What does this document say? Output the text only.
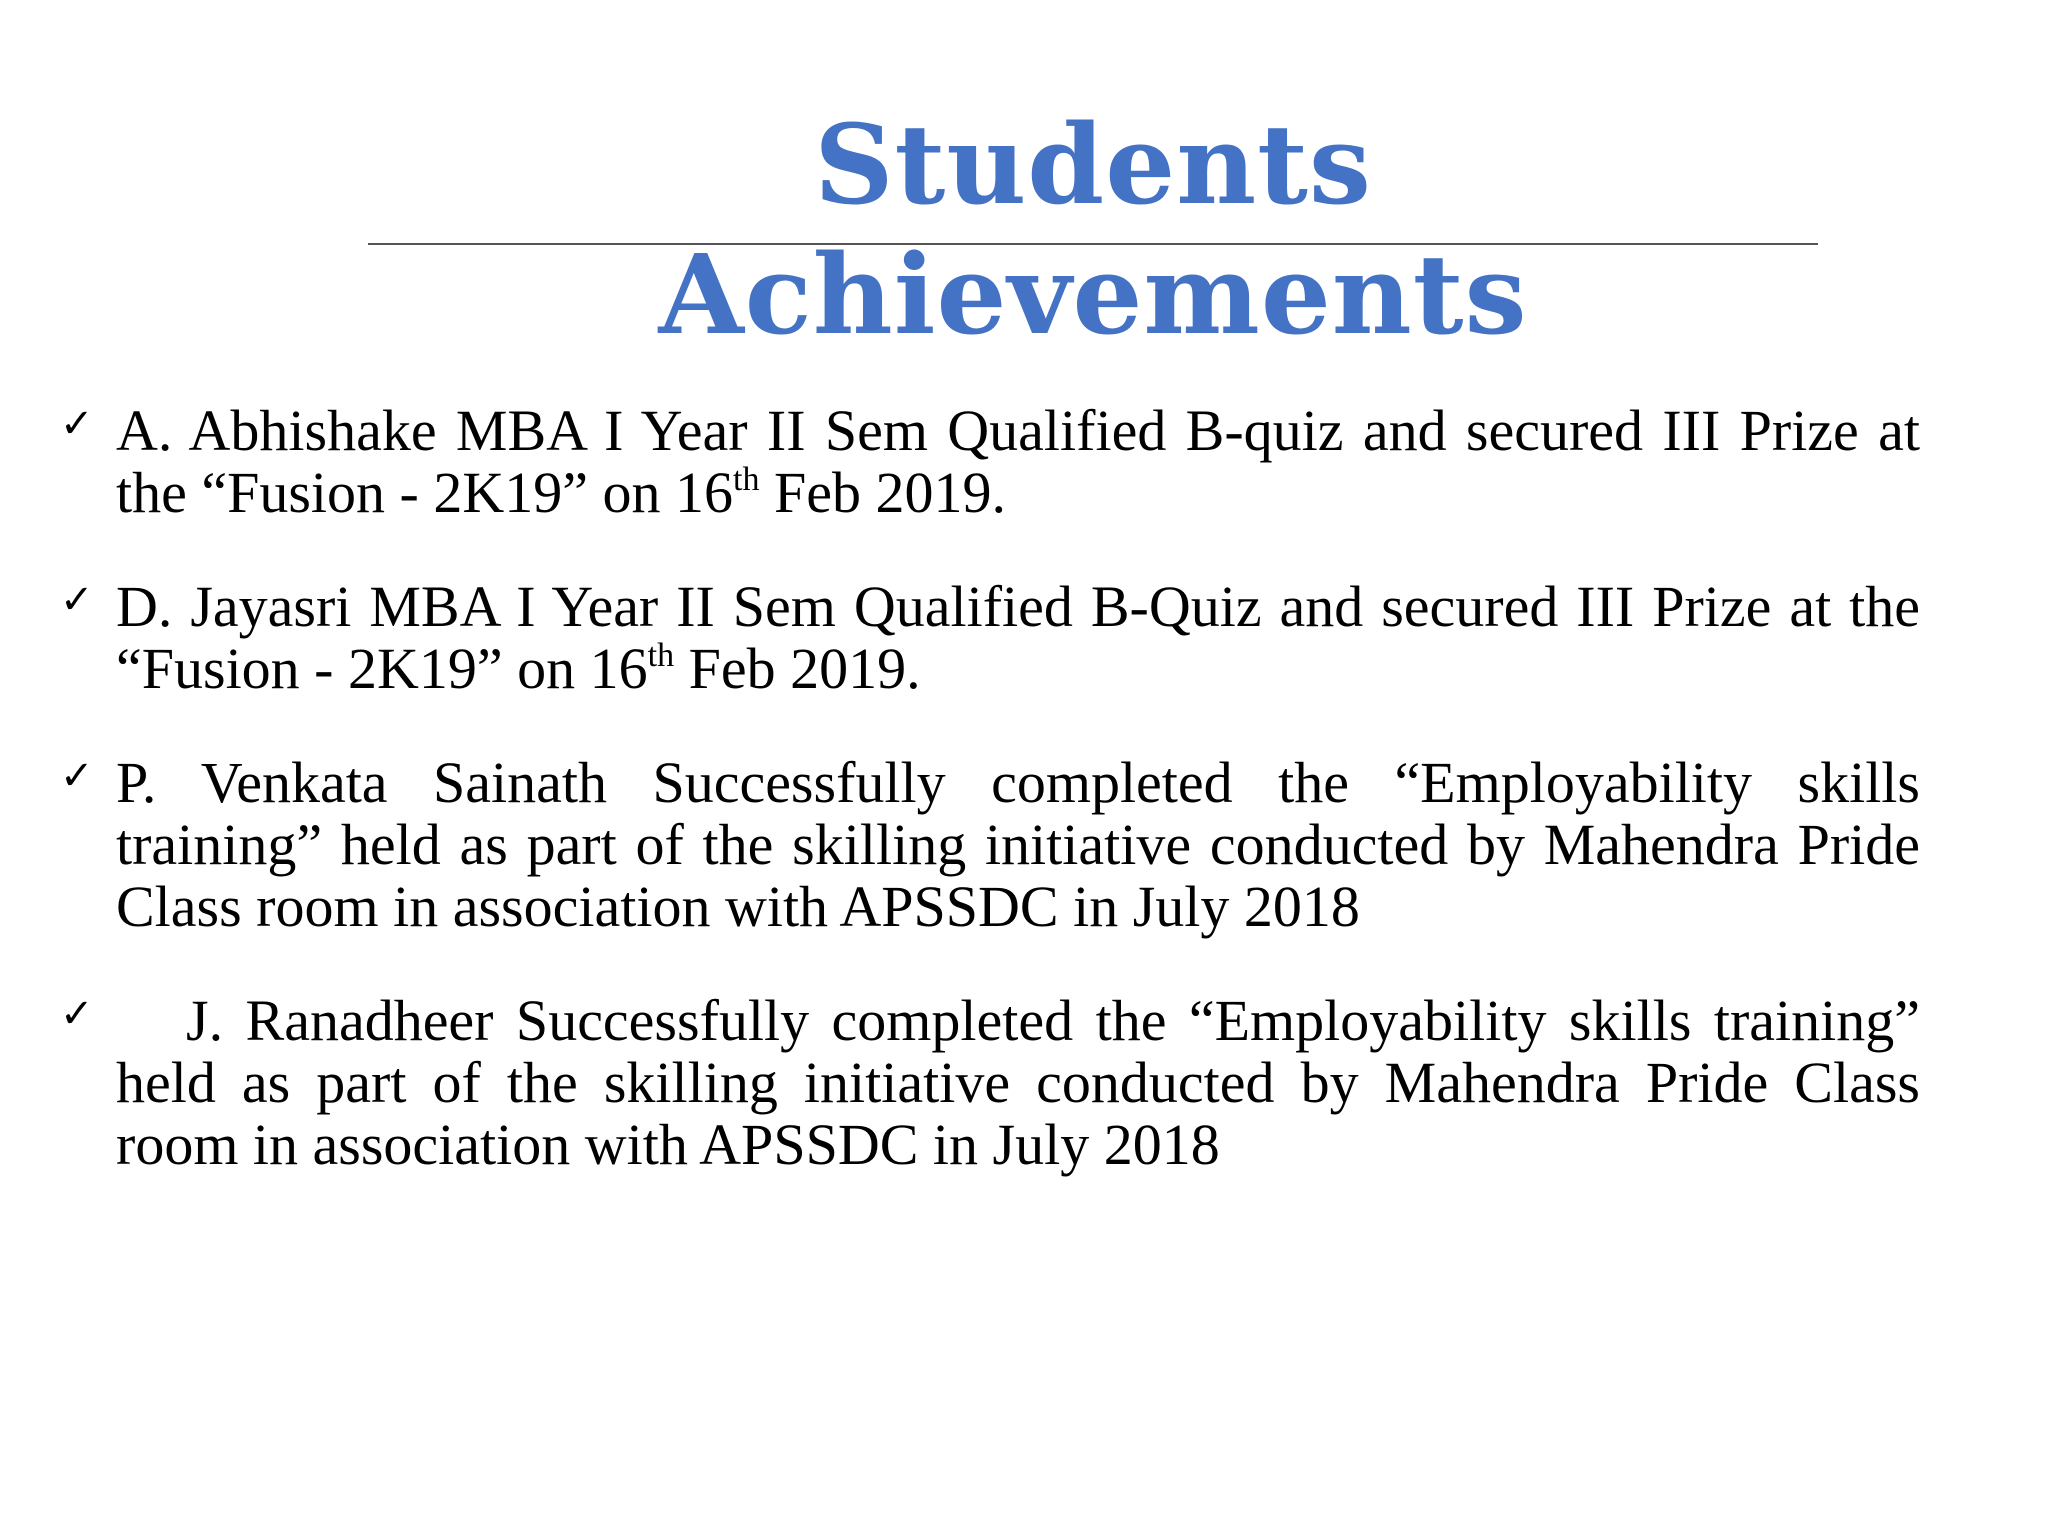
Students Achievements
✓ A. Abhishake MBA I Year II Sem Qualified B-quiz and secured III Prize at the “Fusion - 2K19” on 16th Feb 2019.
✓ D. Jayasri MBA I Year II Sem Qualified B-Quiz and secured III Prize at the “Fusion - 2K19” on 16th Feb 2019.
✓ P. Venkata Sainath Successfully completed the “Employability skills training” held as part of the skilling initiative conducted by Mahendra Pride Class room in association with APSSDC in July 2018
✓	J. Ranadheer Successfully completed the “Employability skills training” held as part of the skilling initiative conducted by Mahendra Pride Class room in association with APSSDC in July 2018
